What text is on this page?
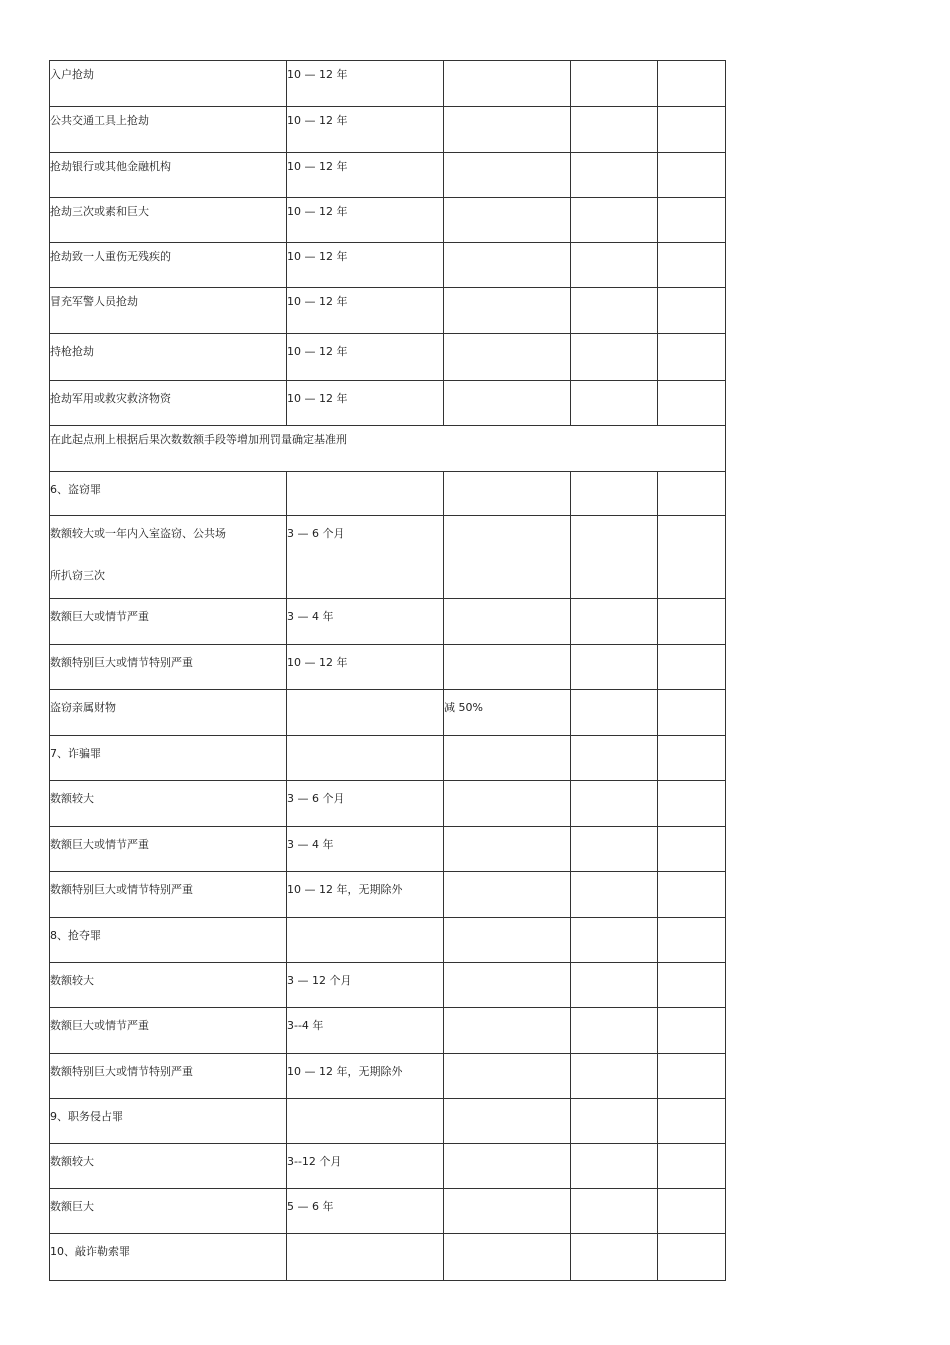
入户抢劫	10 — 12 年			

公共交通工具上抢劫	10 — 12 年			

抢劫银行或其他金融机构	10 — 12 年			

抢劫三次或素和巨大	10 — 12 年			

抢劫致一人重伤无残疾的	10 — 12 年			

冒充军警人员抢劫	10 — 12 年			

持枪抢劫	10 — 12 年			

抢劫军用或救灾救济物资	10 — 12 年			

在此起点刑上根据后果次数数额手段等增加刑罚量确定基准刑				

6、盗窃罪				

数额较大或一年内入室盗窃、公共场
所扒窃三次	3 — 6 个月			

数额巨大或情节严重	3 — 4 年			

数额特别巨大或情节特别严重	10 — 12 年			

盗窃亲属财物		减 50%		

7、诈骗罪				

数额较大	3 — 6 个月			

数额巨大或情节严重	3 — 4 年			

数额特别巨大或情节特别严重	10 — 12 年，无期除外			

8、抢夺罪				

数额较大	3 — 12 个月			

数额巨大或情节严重	3--4 年			

数额特别巨大或情节特别严重	10 — 12 年，无期除外			

9、职务侵占罪				

数额较大	3--12 个月			

数额巨大	5 — 6 年			

10、敲诈勒索罪				
